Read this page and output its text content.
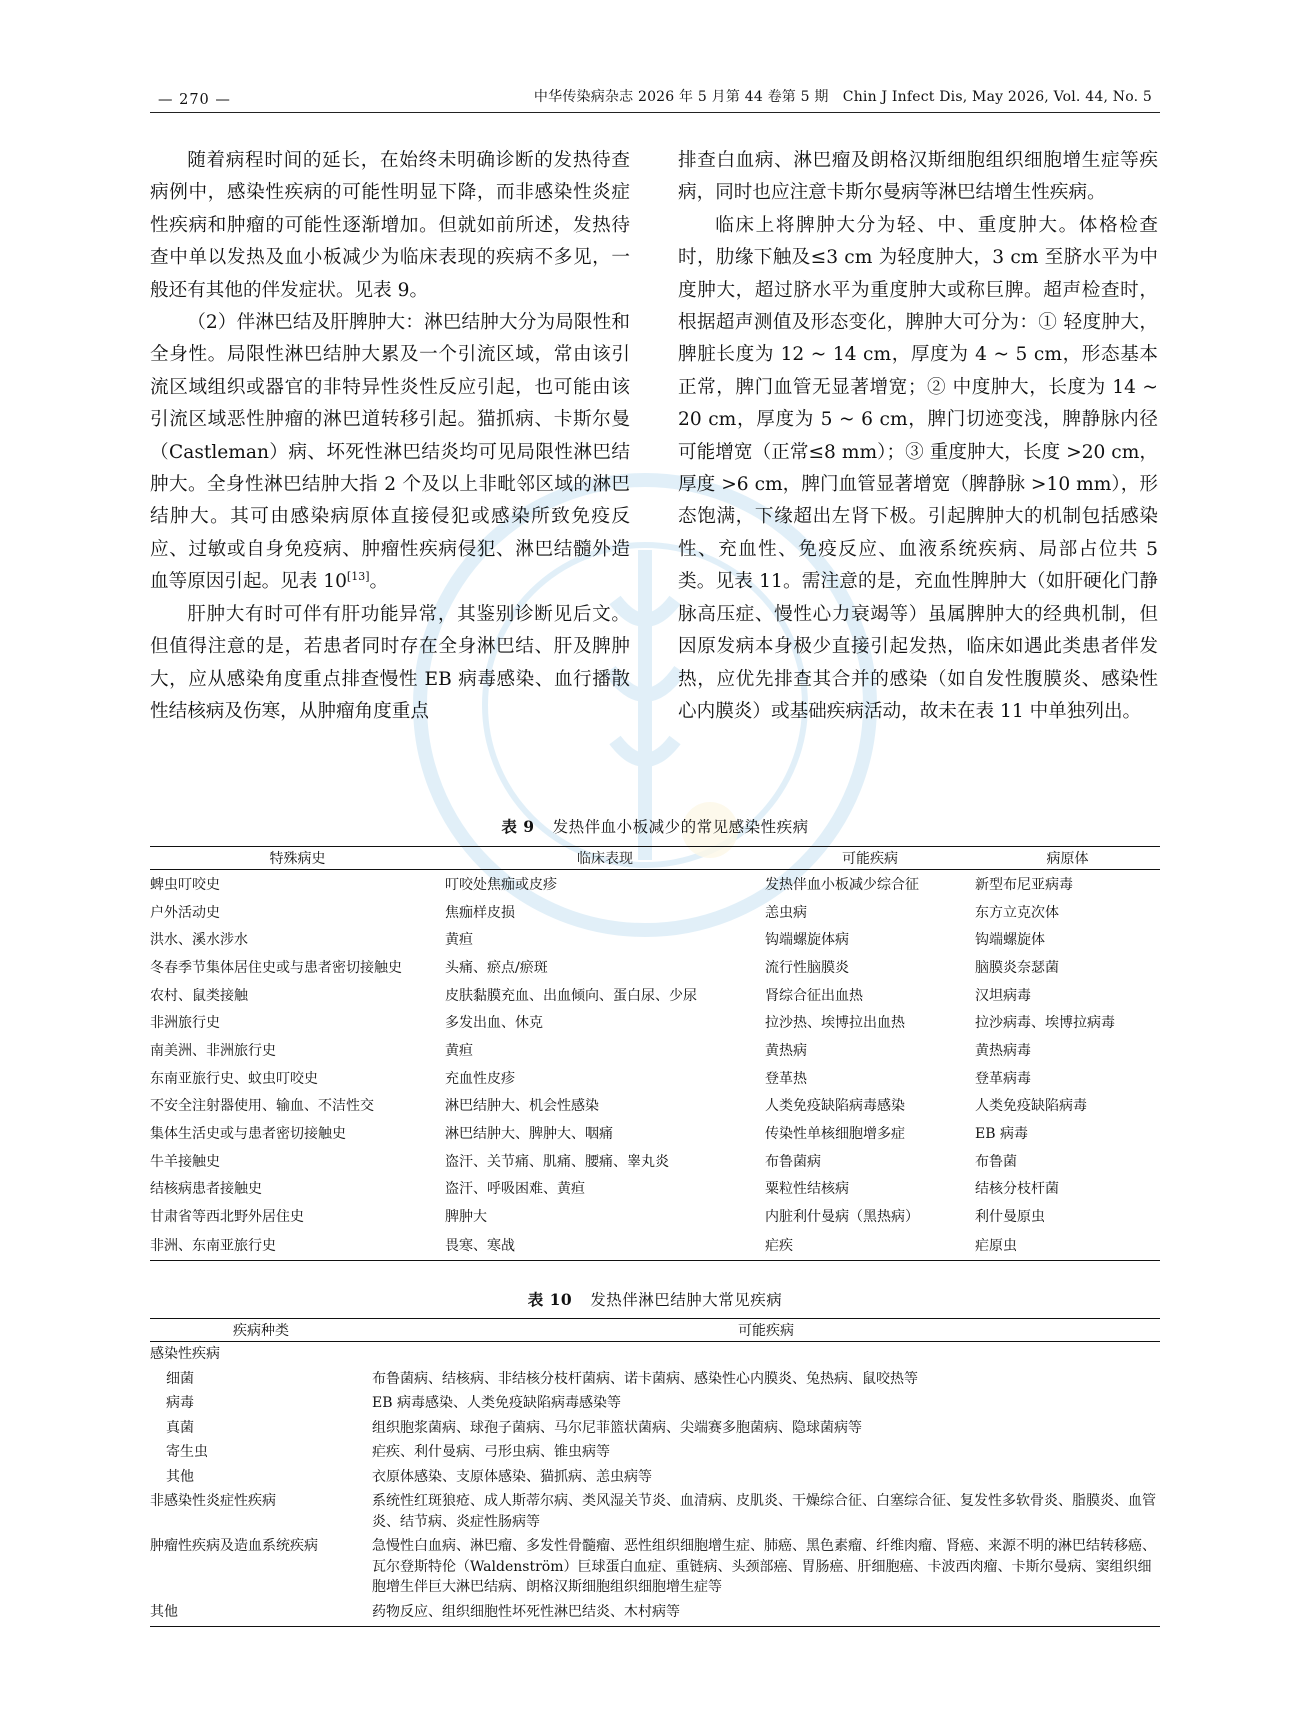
— 270 —	中华传染病杂志 2026 年 5 月第 44 卷第 5 期　Chin J Infect Dis, May 2026, Vol. 44, No. 5

随着病程时间的延长，在始终未明确诊断的发热待查病例中，感染性疾病的可能性明显下降，而非感染性炎症性疾病和肿瘤的可能性逐渐增加。但就如前所述，发热待查中单以发热及血小板减少为临床表现的疾病不多见，一般还有其他的伴发症状。见表 9。

（2）伴淋巴结及肝脾肿大：淋巴结肿大分为局限性和全身性。局限性淋巴结肿大累及一个引流区域，常由该引流区域组织或器官的非特异性炎性反应引起，也可能由该引流区域恶性肿瘤的淋巴道转移引起。猫抓病、卡斯尔曼（Castleman）病、坏死性淋巴结炎均可见局限性淋巴结肿大。全身性淋巴结肿大指 2 个及以上非毗邻区域的淋巴结肿大。其可由感染病原体直接侵犯或感染所致免疫反应、过敏或自身免疫病、肿瘤性疾病侵犯、淋巴结髓外造血等原因引起。见表 10[13]。

肝肿大有时可伴有肝功能异常，其鉴别诊断见后文。但值得注意的是，若患者同时存在全身淋巴结、肝及脾肿大，应从感染角度重点排查慢性 EB 病毒感染、血行播散性结核病及伤寒，从肿瘤角度重点

排查白血病、淋巴瘤及朗格汉斯细胞组织细胞增生症等疾病，同时也应注意卡斯尔曼病等淋巴结增生性疾病。

临床上将脾肿大分为轻、中、重度肿大。体格检查时，肋缘下触及≤3 cm 为轻度肿大，3 cm 至脐水平为中度肿大，超过脐水平为重度肿大或称巨脾。超声检查时，根据超声测值及形态变化，脾肿大可分为：① 轻度肿大，脾脏长度为 12 ~ 14 cm，厚度为 4 ~ 5 cm，形态基本正常，脾门血管无显著增宽；② 中度肿大，长度为 14 ~ 20 cm，厚度为 5 ~ 6 cm，脾门切迹变浅，脾静脉内径可能增宽（正常≤8 mm）；③ 重度肿大，长度 >20 cm，厚度 >6 cm，脾门血管显著增宽（脾静脉 >10 mm），形态饱满，下缘超出左肾下极。引起脾肿大的机制包括感染性、充血性、免疫反应、血液系统疾病、局部占位共 5 类。见表 11。需注意的是，充血性脾肿大（如肝硬化门静脉高压症、慢性心力衰竭等）虽属脾肿大的经典机制，但因原发病本身极少直接引起发热，临床如遇此类患者伴发热，应优先排查其合并的感染（如自发性腹膜炎、感染性心内膜炎）或基础疾病活动，故未在表 11 中单独列出。

表 9 发热伴血小板减少的常见感染性疾病
特殊病史	临床表现	可能疾病	病原体
蜱虫叮咬史	叮咬处焦痂或皮疹	发热伴血小板减少综合征	新型布尼亚病毒
户外活动史	焦痂样皮损	恙虫病	东方立克次体
洪水、溪水涉水	黄疸	钩端螺旋体病	钩端螺旋体
冬春季节集体居住史或与患者密切接触史	头痛、瘀点/瘀斑	流行性脑膜炎	脑膜炎奈瑟菌
农村、鼠类接触	皮肤黏膜充血、出血倾向、蛋白尿、少尿	肾综合征出血热	汉坦病毒
非洲旅行史	多发出血、休克	拉沙热、埃博拉出血热	拉沙病毒、埃博拉病毒
南美洲、非洲旅行史	黄疸	黄热病	黄热病毒
东南亚旅行史、蚊虫叮咬史	充血性皮疹	登革热	登革病毒
不安全注射器使用、输血、不洁性交	淋巴结肿大、机会性感染	人类免疫缺陷病毒感染	人类免疫缺陷病毒
集体生活史或与患者密切接触史	淋巴结肿大、脾肿大、咽痛	传染性单核细胞增多症	EB 病毒
牛羊接触史	盗汗、关节痛、肌痛、腰痛、睾丸炎	布鲁菌病	布鲁菌
结核病患者接触史	盗汗、呼吸困难、黄疸	粟粒性结核病	结核分枝杆菌
甘肃省等西北野外居住史	脾肿大	内脏利什曼病（黑热病）	利什曼原虫
非洲、东南亚旅行史	畏寒、寒战	疟疾	疟原虫
表 10 发热伴淋巴结肿大常见疾病
疾病种类	可能疾病
感染性疾病	
细菌	布鲁菌病、结核病、非结核分枝杆菌病、诺卡菌病、感染性心内膜炎、兔热病、鼠咬热等
病毒	EB 病毒感染、人类免疫缺陷病毒感染等
真菌	组织胞浆菌病、球孢子菌病、马尔尼菲篮状菌病、尖端赛多胞菌病、隐球菌病等
寄生虫	疟疾、利什曼病、弓形虫病、锥虫病等
其他	衣原体感染、支原体感染、猫抓病、恙虫病等
非感染性炎症性疾病	系统性红斑狼疮、成人斯蒂尔病、类风湿关节炎、血清病、皮肌炎、干燥综合征、白塞综合征、复发性多软骨炎、脂膜炎、血管炎、结节病、炎症性肠病等
肿瘤性疾病及造血系统疾病	急慢性白血病、淋巴瘤、多发性骨髓瘤、恶性组织细胞增生症、肺癌、黑色素瘤、纤维肉瘤、肾癌、来源不明的淋巴结转移癌、瓦尔登斯特伦（Waldenström）巨球蛋白血症、重链病、头颈部癌、胃肠癌、肝细胞癌、卡波西肉瘤、卡斯尔曼病、窦组织细胞增生伴巨大淋巴结病、朗格汉斯细胞组织细胞增生症等
其他	药物反应、组织细胞性坏死性淋巴结炎、木村病等
